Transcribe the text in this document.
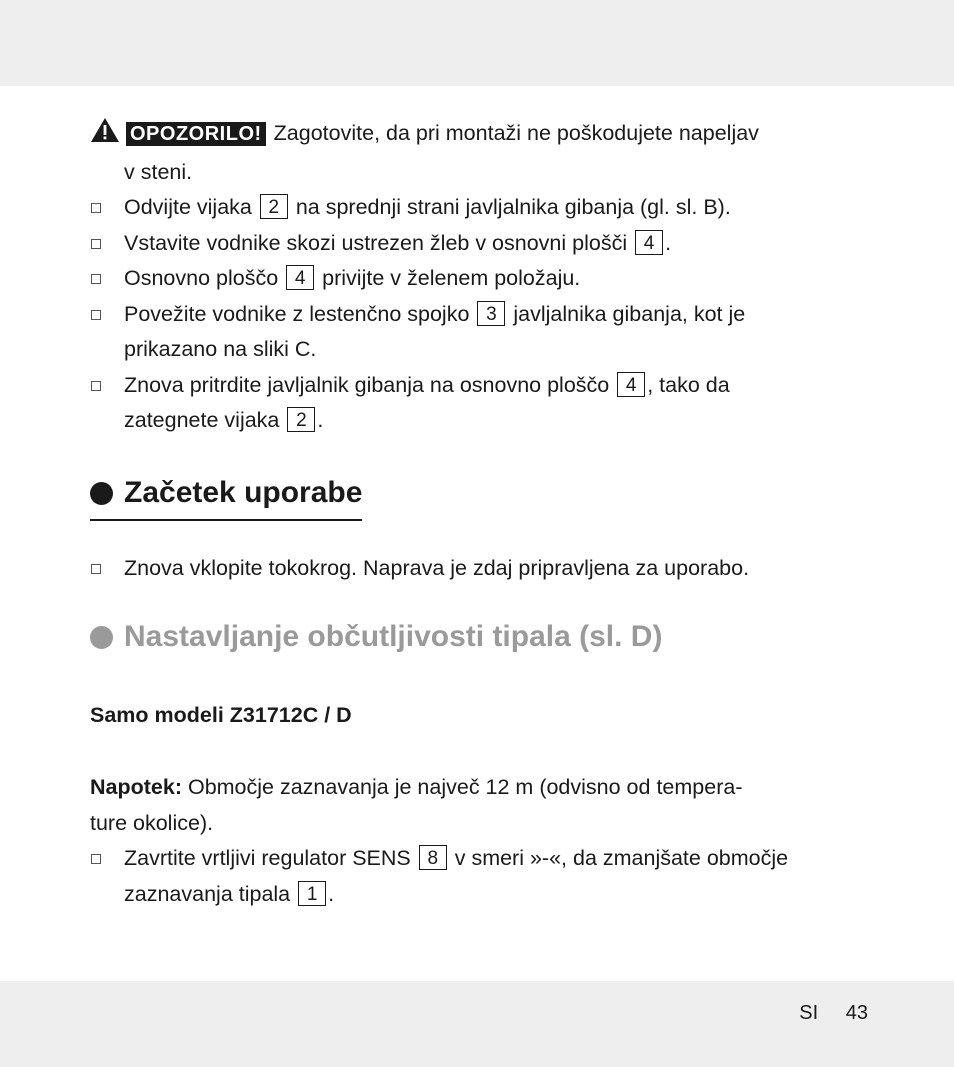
OPOZORILO! Zagotovite, da pri montaži ne poškodujete napeljav
v steni.
Odvijte vijaka 2 na sprednji strani javljalnika gibanja (gl. sl. B).
Vstavite vodnike skozi ustrezen žleb v osnovni plošči 4 .
Osnovno ploščo 4 privijte v želenem položaju.
Povežite vodnike z lestenčno spojko 3 javljalnika gibanja, kot je
prikazano na sliki C.
Znova pritrdite javljalnik gibanja na osnovno ploščo 4 , tako da
zategnete vijaka 2 .
Začetek uporabe
Znova vklopite tokokrog. Naprava je zdaj pripravljena za uporabo.
Nastavljanje občutljivosti tipala (sl. D)
Samo modeli Z31712C / D
Napotek: Območje zaznavanja je največ 12 m (odvisno od tempera-
ture okolice).
Zavrtite vrtljivi regulator SENS 8 v smeri »-«, da zmanjšate območje
zaznavanja tipala 1 .
SI 43
